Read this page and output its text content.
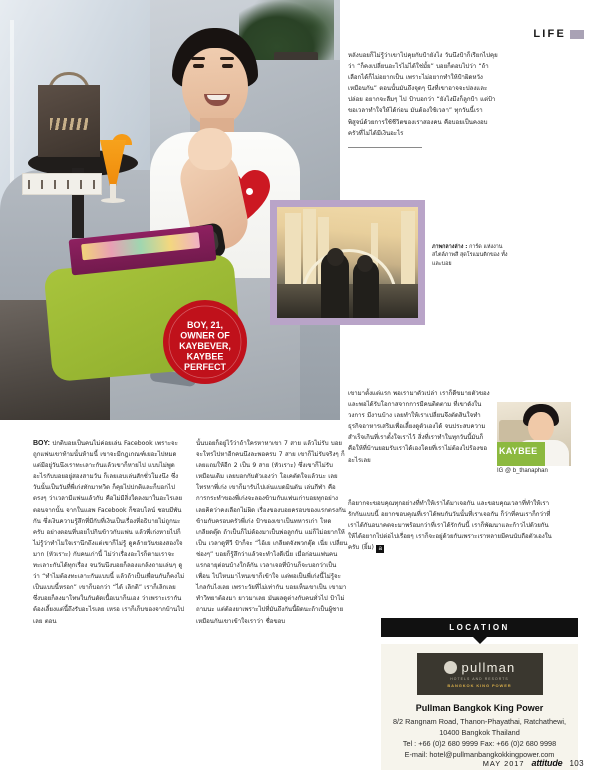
BOY, 21, OWNER OF KAYBEVER, KAYBEE PERFECT
KAYBEE
IG @ b_thanaphan
LIFE
หลังบอยก็ไม่รู้ว่าเขาไปคุยกับป้ายังไง วันนึงป้าก็เรียกไปคุยว่า “ก็คงเปลี่ยนอะไรไม่ได้ใช่มั้ย” บอยก็ตอบไปว่า “ถ้าเลือกได้ก็ไม่อยากเป็น เพราะไม่อยากทำให้ป้าผิดหวังเหมือนกัน” ตอนนั้นมันถึงจุดๆ นึงที่เขาอาจจะปลงและปล่อย อยากจะลืมๆ ไป ป้าบอกว่า “ยังไงมึงก็ลูกป้า แต่ป้าขอเวลาทำใจให้ได้ก่อน มันต้องใช้เวลา” ทุกวันนี้เราพิสูจน์ด้วยการใช้ชีวิตของเราสองคน คือบอยเป็นคงอบครัวที่ไม่ได้มีเงินอะไร
ภาพกลางล่าง : การ์ด แห่งงานสไตล์ภาพสี สุดโรแมนติกของ ทั้งและบอย
BOY: ปกติบอยเป็นคนไม่ค่อยเล่น Facebook เพราะจะถูกแฟนเขาท้ามนั้นห้ามนี้ เขาจะมีกฎเกณฑ์เยอะไปหมด แต่มีอยู่วันนึงเราทะเลาะกันแล้วเขาก็หายไป แบบไม่พูดอะไรกับบอยอยู่สองสามวัน ก็เลยเอบเล่นสักชั่วโมงนึง ซึ่งวันนั้นเป็นวันที่พี่เก่งทักมาทวิต ก็คุยไปปกติและก็บอกไปตรงๆ ว่าเวลามีแฟนแล้วกับ คือไม่มีสิ่งใดลงมาในอะไรเลย ตอนจากนั้น จากในแอพ Facebook ก็ชอบไลน์ ชอบมีพันกัน ซึ่งเงินความรู้สึกที่มีกับที่เงินเป็นเรื่องที่อธิบายไม่ถูกนะครับ อย่างตอนที่บอยไปกินข้าวกับแฟน แล้วพี่เก่งหายไปก็ไม่รู้ว่าทำไมใจเรานึกถึงแต่เขาก็ไม่รู้ ดูคล้ายวันของสองใจมาก (หัวเราะ) กับคนเก่านี้ ไม่ว่าเรื่องอะไรก็ตามเราจะทะเลาะกันได้ทุกเรื่อง จนวันนึงบอยก็ลองแกล้งถามเล่นๆ ดูว่า “ทำไมต้องทะเลาะกันแบบนี้ แล้วถ้าเป็นเพื่อนกันก็คงไม่เป็นแบบนี้หรอก” เขาก็บอกว่า “ได้ เลิกดิ” เราก็เลิกเลย ซึ่งบอยก็ลงมาโทษในกันตัดเนื้อเนาก็นเอง ว่าเพราะเรากันต้องเลี้ยงแต่นี้ถึงรับอะไรเลย เหรอ เราก็เก็บของจากบ้านไปเลย ตอน
นั้นบอยก็อยู่ไว้ว่าถ้าใครหาหาเขา 7 สาย แล้วไม่รับ บอยจะโทรไปหาอีกคนนึงละพอครบ 7 สาย เขาก็ไม่รับจริงๆ ก็เลยแถมให้อีก 2 เป็น 9 สาย (หัวเราะ) ซึ่งเขาก็ไม่รับเหมือนเดิม เลยบอกกับตัวเองว่า โอเคตัดใจแล้วนะ เลยโทรหาพี่เก่ง เขาก็มารับไปเล่นแบดมินตัน เล่นกีฬา คือการกระทำของพี่เก่งจะลองข้ามกับแฟนเก่าบอยทุกอย่าง เลยคิดว่าคงเลือกไม่ผิด เรื่องของบอยครอบของแรกตรงกันข้ามกับครอบครัวพี่เก่ง ป้าของเขาเป็นทหารเก่า โหด เกลียดตุ๊ด ถ้าเป็นก็ไม่ต้องมาเป็นพ่อลูกกัน แม่ก็ไม่อยากให้เป็น เวลาดูทีวี ป้าก็จะ “ไอ้เย เกลียดจังพวกตุ๊ด เนี่ย เปลี่ยนช่องๆ” บอยก็รู้สึกว่าแล้วจะทำไงดีเนี่ย เมื่อก่อนแฟนคนแรกอายุต่อนบ้างใกล้กัน เวลาเจอที่บ้านก็จะบอกว่าเป็นเพื่อน ไปไหนมาไหนเขาก็เข้าใจ แต่พอเป็นพี่เก่งนี้ไม่รู้จะไกลกับไงเลย เพราะวัยที่ไม่เท่ากัน บอยเห็นเขาเป็น เขามาทำวิทยาต้องมา ยาวมาเลย มันผลดูต่างกับคนทั่วไป ป้าไม่ถามนะ แต่ต้องยาเพราะไปที่มันถึงกันนี้ผิดนะถ้าเป็นผู้ชายเหมือนกันเขาเข้าใจเราว่า ชื่อขอบ
เขามาตั้งแต่แรก พอเรามาตัวเปล่า เราก็ดีขมายตัวของ และพอได้รับโอกาสจากการมีคนติดตาม ที่เขาดังในวงการ มีงานบ้าง เลยทำให้เราเปลี่ยนจึงตัดสินใจทำธุรกิจอาหารเสริมเพื่อเลี้ยงดูตัวเองได้ จนประสบความสำเร็จเกินที่เราตั้งใจเราไว้ สิ่งที่เราทำในทุกวันนี้มันก็คือให้ที่บ้านยอมรับเราได้เองโดยที่เราไม่ต้องไปร้องขออะไรเลย
ก็อยากจะขอบคุณทุกอย่างที่ทำให้เราได้มาเจอกัน และขอบคุณเวลาที่ทำให้เรารักกันแบบนี้ อยากขอบคุณที่เราได้พบกันวันนั้นที่เราเจอกัน ก็ว่าที่คนเราก็กว่าที่เราได้กันอนาคตจะมาพร้อมกว่าที่เราได้รักกันนี้ เราก็พัฒนาและก้าวไปด้วยกันให้ได้อยากไปต่อไปเรื่อยๆ เราก็จะอยู่ด้วยกันเพราะเราหลายมีคนนับถือตัวเองในครับ (ยิ้ม) a
LOCATION
pullman
HOTELS AND RESORTS
BANGKOK KING POWER
Pullman Bangkok King Power
8/2 Rangnam Road, Thanon-Phayathai, Ratchathewi,
10400 Bangkok Thailand
Tel : +66 (0)2 680 9999 Fax: +66 (0)2 680 9998
E-mail: hotel@pullmanbangkokkingpower.com
MAY 2017 attitude 103
